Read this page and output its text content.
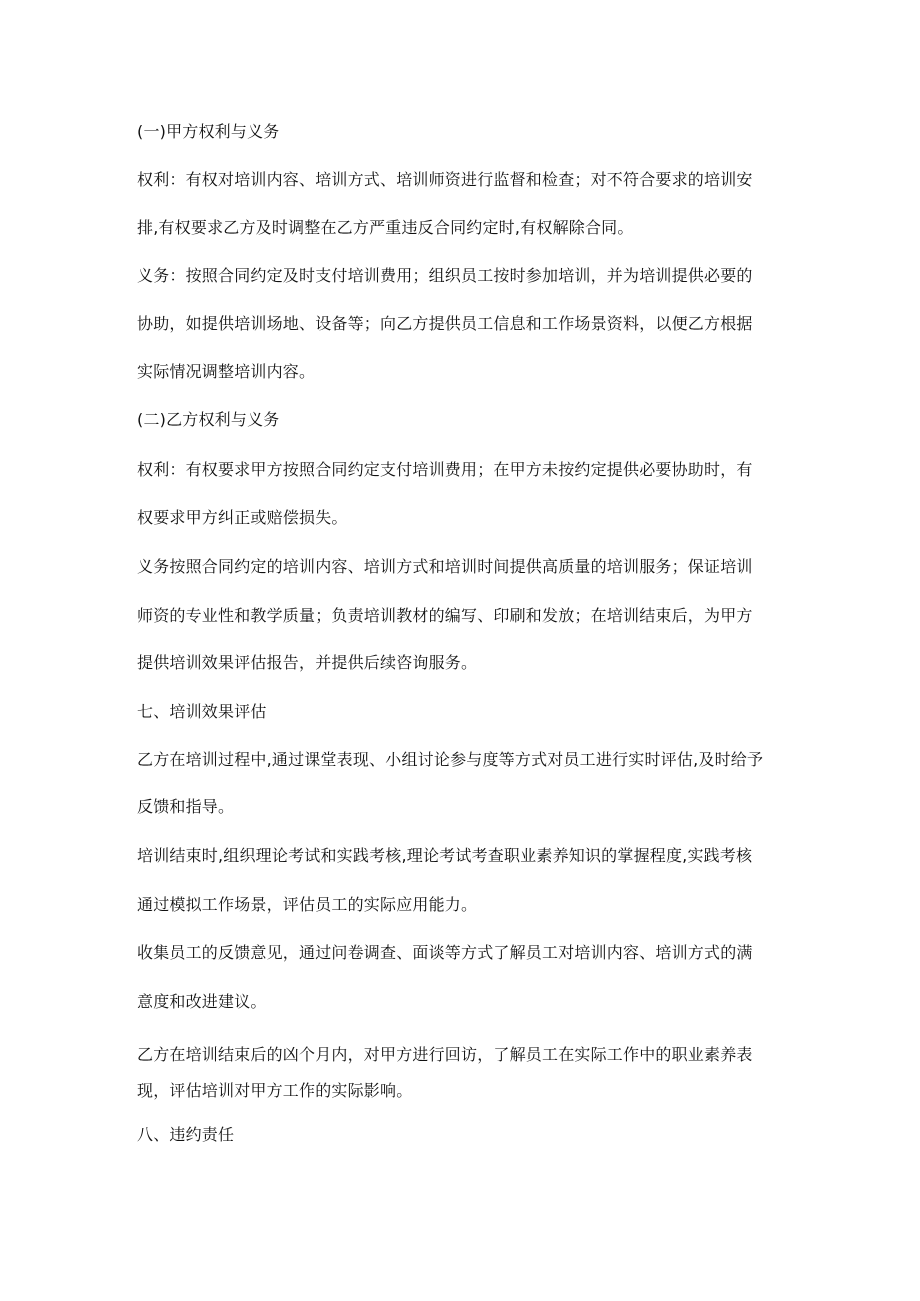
(一)甲方权利与义务
权利：有权对培训内容、培训方式、培训师资进行监督和检查；对不符合要求的培训安
排,有权要求乙方及时调整在乙方严重违反合同约定时,有权解除合同。
义务：按照合同约定及时支付培训费用；组织员工按时参加培训，并为培训提供必要的
协助，如提供培训场地、设备等；向乙方提供员工信息和工作场景资料，以便乙方根据
实际情况调整培训内容。
(二)乙方权利与义务
权利：有权要求甲方按照合同约定支付培训费用；在甲方未按约定提供必要协助时，有
权要求甲方纠正或赔偿损失。
义务按照合同约定的培训内容、培训方式和培训时间提供高质量的培训服务；保证培训
师资的专业性和教学质量；负责培训教材的编写、印刷和发放；在培训结束后，为甲方
提供培训效果评估报告，并提供后续咨询服务。
七、培训效果评估
乙方在培训过程中,通过课堂表现、小组讨论参与度等方式对员工进行实时评估,及时给予
反馈和指导。
培训结束时,组织理论考试和实践考核,理论考试考查职业素养知识的掌握程度,实践考核
通过模拟工作场景，评估员工的实际应用能力。
收集员工的反馈意见，通过问卷调查、面谈等方式了解员工对培训内容、培训方式的满
意度和改进建议。
乙方在培训结束后的凶个月内，对甲方进行回访，了解员工在实际工作中的职业素养表
现，评估培训对甲方工作的实际影响。
八、违约责任
